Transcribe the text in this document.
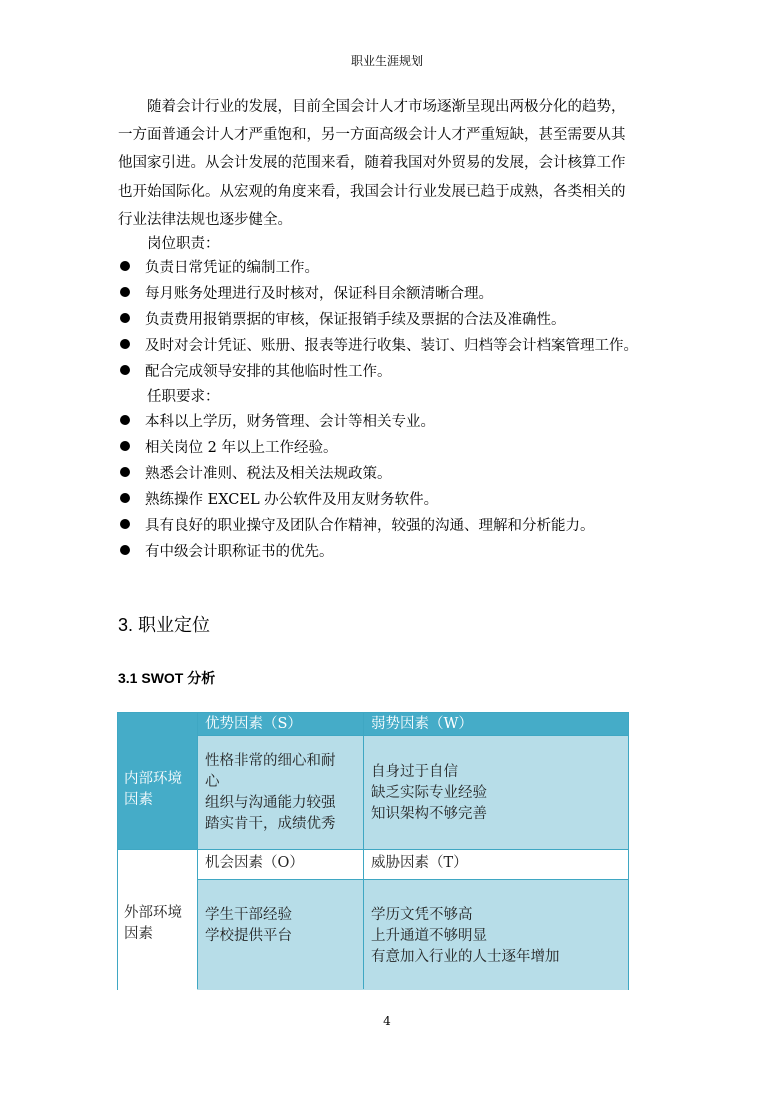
职业生涯规划
随着会计行业的发展，目前全国会计人才市场逐渐呈现出两极分化的趋势，
一方面普通会计人才严重饱和，另一方面高级会计人才严重短缺，甚至需要从其
他国家引进。从会计发展的范围来看，随着我国对外贸易的发展，会计核算工作
也开始国际化。从宏观的角度来看，我国会计行业发展已趋于成熟，各类相关的
行业法律法规也逐步健全。
岗位职责：
负责日常凭证的编制工作。
每月账务处理进行及时核对，保证科目余额清晰合理。
负责费用报销票据的审核，保证报销手续及票据的合法及准确性。
及时对会计凭证、账册、报表等进行收集、装订、归档等会计档案管理工作。
配合完成领导安排的其他临时性工作。
任职要求：
本科以上学历，财务管理、会计等相关专业。
相关岗位 2 年以上工作经验。
熟悉会计准则、税法及相关法规政策。
熟练操作 EXCEL 办公软件及用友财务软件。
具有良好的职业操守及团队合作精神，较强的沟通、理解和分析能力。
有中级会计职称证书的优先。
3. 职业定位
3.1 SWOT 分析
内部环境
因素
外部环境
因素
优势因素（S）	弱势因素（W）
性格非常的细心和耐
心
组织与沟通能力较强
踏实肯干，成绩优秀
自身过于自信
缺乏实际专业经验
知识架构不够完善
机会因素（O）	威胁因素（T）
学生干部经验
学校提供平台
学历文凭不够高
上升通道不够明显
有意加入行业的人士逐年增加
4
